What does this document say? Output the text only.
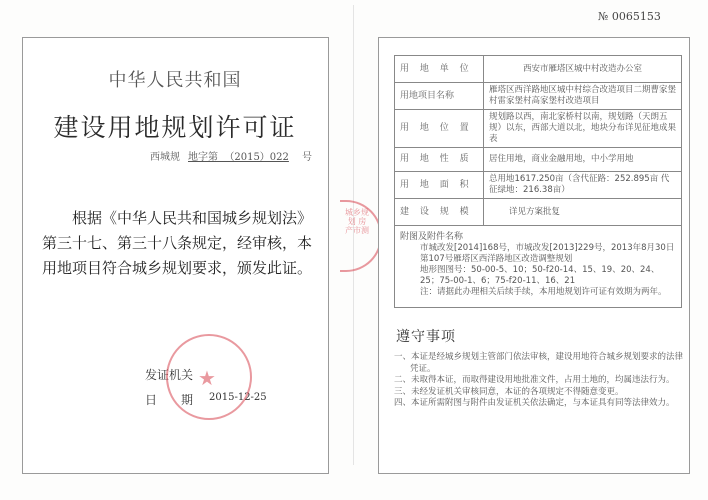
№ 0065153
中华人民共和国
建设用地规划许可证
西城规 地字第  （2015）022 号
根据《中华人民共和国城乡规划法》第三十七、第三十八条规定，经审核，本用地项目符合城乡规划要求，颁发此证。
发证机关
日　　期 2015-12-25
★
城乡规划 房产市测
用 地 单 位	西安市雁塔区城中村改造办公室
用地项目名称	雁塔区西洋路地区城中村综合改造项目二期曹家堡村雷家堡村高家堡村改造项目
用 地 位 置	规划路以西，南北家桥村以南，规划路（天朗五规）以东，西部大道以北，地块分布详见征地成果表
用 地 性 质	居住用地，商业金融用地，中小学用地
用 地 面 积	总用地1617.250亩（含代征路：252.895亩 代征绿地：216.38亩）
建 设 规 模	详见方案批复

附图及附件名称
市城改发[2014]168号，市城改发[2013]229号，2013年8月30日第107号雁塔区西洋路地区改造调整规划
地形图图号：50-00-5、10；50-f20-14、15、19、20、24、25；75-00-1、6；75-f20-11、16、21
注：请据此办理相关后续手续，本用地规划许可证有效期为两年。	
遵守事项
一、本证是经城乡规划主管部门依法审核，建设用地符合城乡规划要求的法律凭证。
二、未取得本证，而取得建设用地批准文件，占用土地的，均属违法行为。
三、未经发证机关审核同意，本证的各项规定不得随意变更。
四、本证所需附图与附件由发证机关依法确定，与本证具有同等法律效力。
